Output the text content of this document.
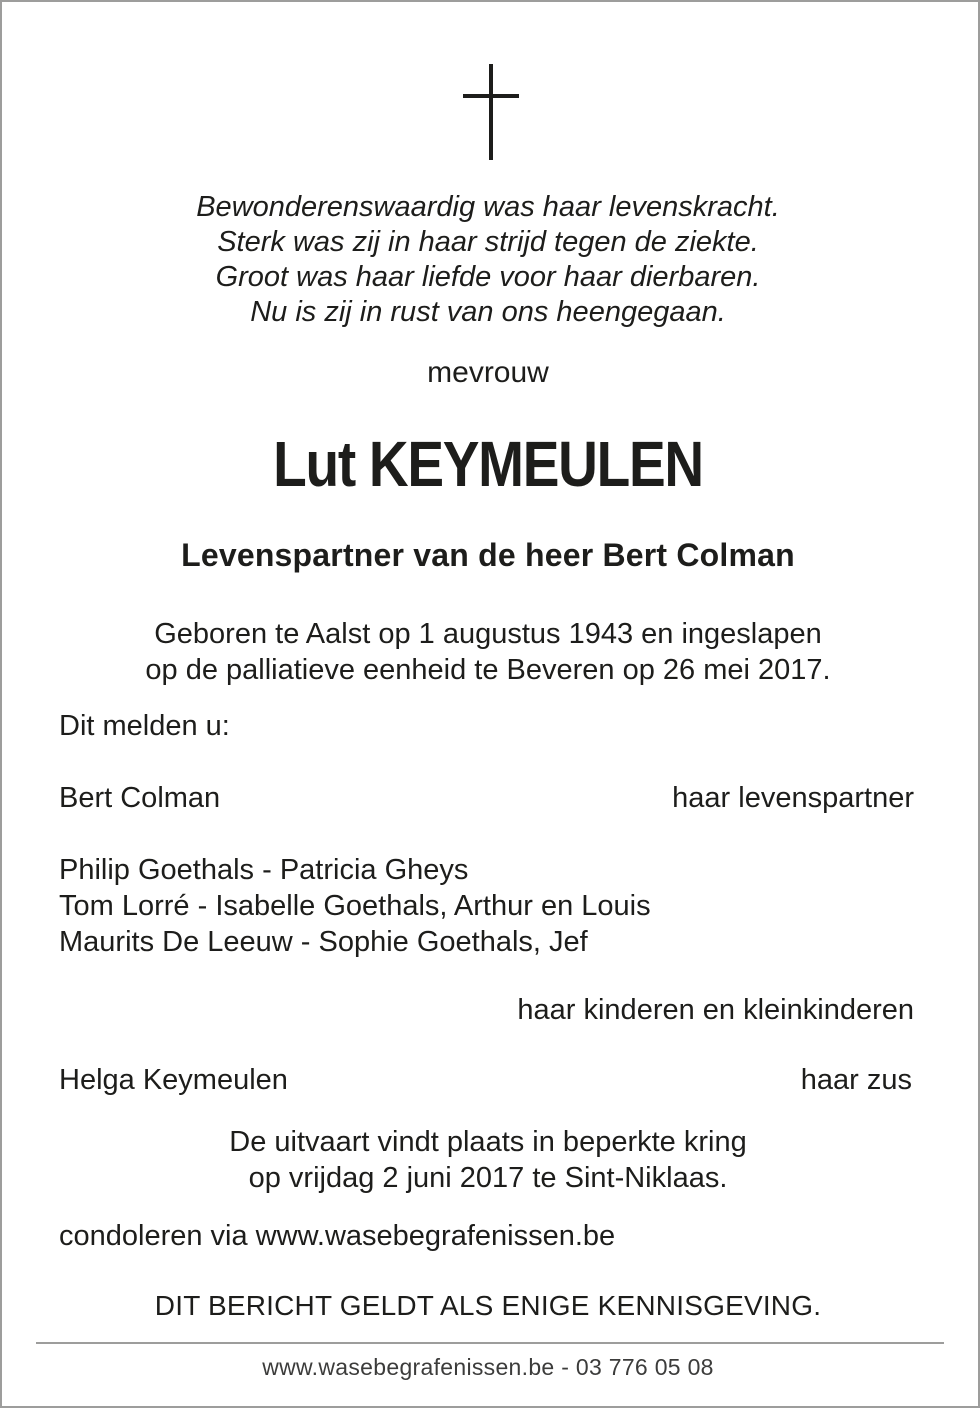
Bewonderenswaardig was haar levenskracht.
Sterk was zij in haar strijd tegen de ziekte.
Groot was haar liefde voor haar dierbaren.
Nu is zij in rust van ons heengegaan.
mevrouw
Lut KEYMEULEN
Levenspartner van de heer Bert Colman
Geboren te Aalst op 1 augustus 1943 en ingeslapen
op de palliatieve eenheid te Beveren op 26 mei 2017.
Dit melden u:
Bert Colman	haar levenspartner
Philip Goethals - Patricia Gheys
Tom Lorré - Isabelle Goethals, Arthur en Louis
Maurits De Leeuw - Sophie Goethals, Jef
haar kinderen en kleinkinderen
Helga Keymeulen	haar zus
De uitvaart vindt plaats in beperkte kring
op vrijdag 2 juni 2017 te Sint-Niklaas.
condoleren via www.wasebegrafenissen.be
DIT BERICHT GELDT ALS ENIGE KENNISGEVING.
www.wasebegrafenissen.be - 03 776 05 08
